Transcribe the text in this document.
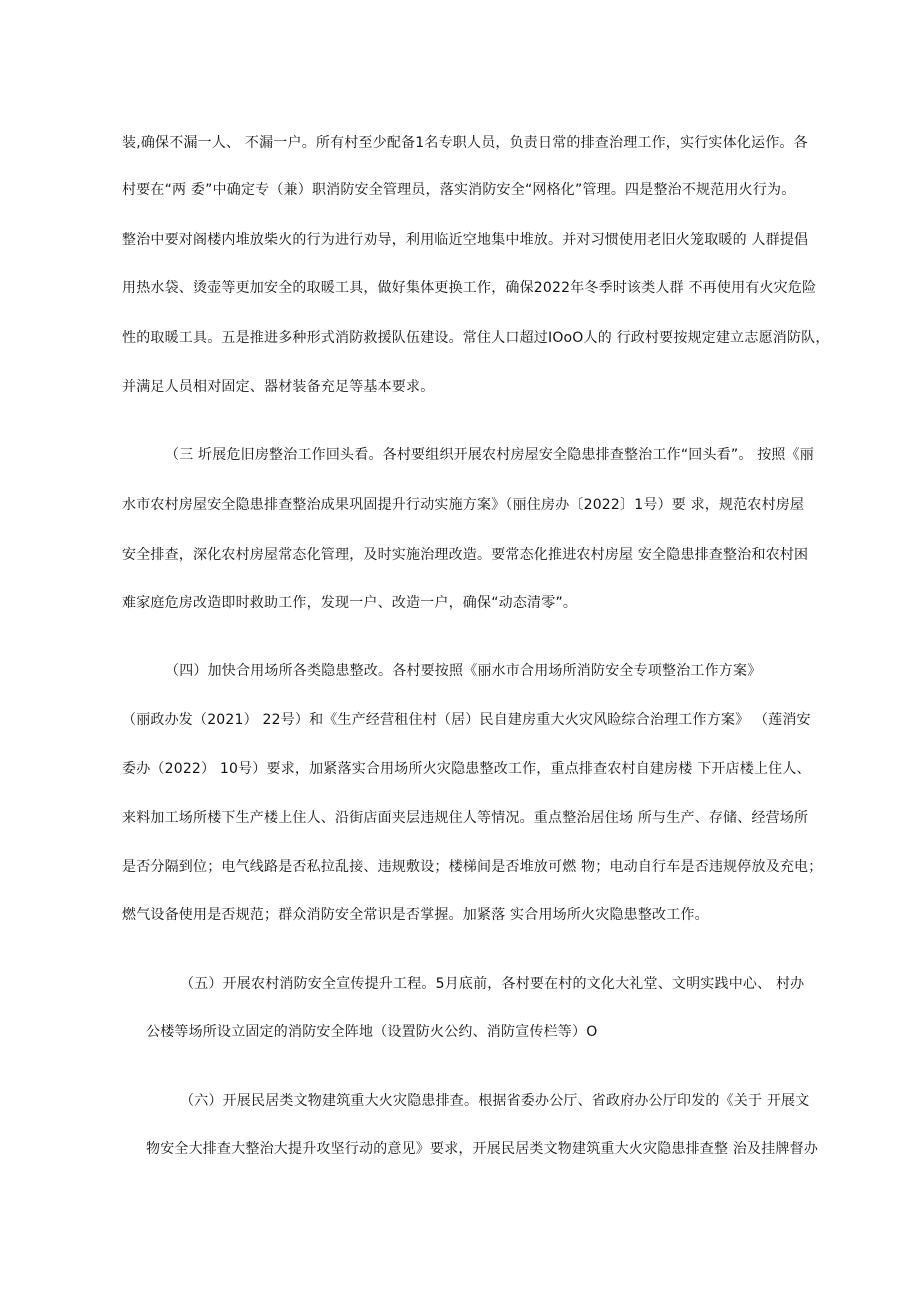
装,确保不漏一人、 不漏一户。所有村至少配备1名专职人员，负责日常的排查治理工作，实行实体化运作。各
村要在“两 委”中确定专（兼）职消防安全管理员，落实消防安全“网格化”管理。四是整治不规范用火行为。
整治中要对阁楼内堆放柴火的行为进行劝导，利用临近空地集中堆放。并对习惯使用老旧火笼取暖的 人群提倡
用热水袋、烫壶等更加安全的取暖工具，做好集体更换工作，确保2022年冬季时该类人群 不再使用有火灾危险
性的取暖工具。五是推进多种形式消防救援队伍建设。常住人口超过IOoO人的 行政村要按规定建立志愿消防队，
并满足人员相对固定、器材装备充足等基本要求。
（三 圻展危旧房整治工作回头看。各村要组织开展农村房屋安全隐患排查整治工作“回头看”。 按照《丽
水市农村房屋安全隐患排查整治成果巩固提升行动实施方案》（丽住房办〔2022〕1号）要 求，规范农村房屋
安全排查，深化农村房屋常态化管理，及时实施治理改造。要常态化推进农村房屋 安全隐患排查整治和农村困
难家庭危房改造即时救助工作，发现一户、改造一户，确保“动态清零”。
（四）加快合用场所各类隐患整改。各村要按照《丽水市合用场所消防安全专项整治工作方案》
（丽政办发（2021） 22号）和《生产经营租住村（居）民自建房重大火灾风睑综合治理工作方案》 （莲消安
委办（2022） 10号）要求，加紧落实合用场所火灾隐患整改工作，重点排查农村自建房楼 下开店楼上住人、
来料加工场所楼下生产楼上住人、沿街店面夹层违规住人等情况。重点整治居住场 所与生产、存储、经营场所
是否分隔到位；电气线路是否私拉乱接、违规敷设；楼梯间是否堆放可燃 物；电动自行车是否违规停放及充电；
燃气设备使用是否规范；群众消防安全常识是否掌握。加紧落 实合用场所火灾隐患整改工作。
（五）开展农村消防安全宣传提升工程。5月底前，各村要在村的文化大礼堂、文明实践中心、 村办
公楼等场所设立固定的消防安全阵地（设置防火公约、消防宣传栏等）O
（六）开展民居类文物建筑重大火灾隐患排查。根据省委办公厅、省政府办公厅印发的《关于 开展文
物安全大排查大整治大提升攻坚行动的意见》要求，开展民居类文物建筑重大火灾隐患排查整 治及挂牌督办
